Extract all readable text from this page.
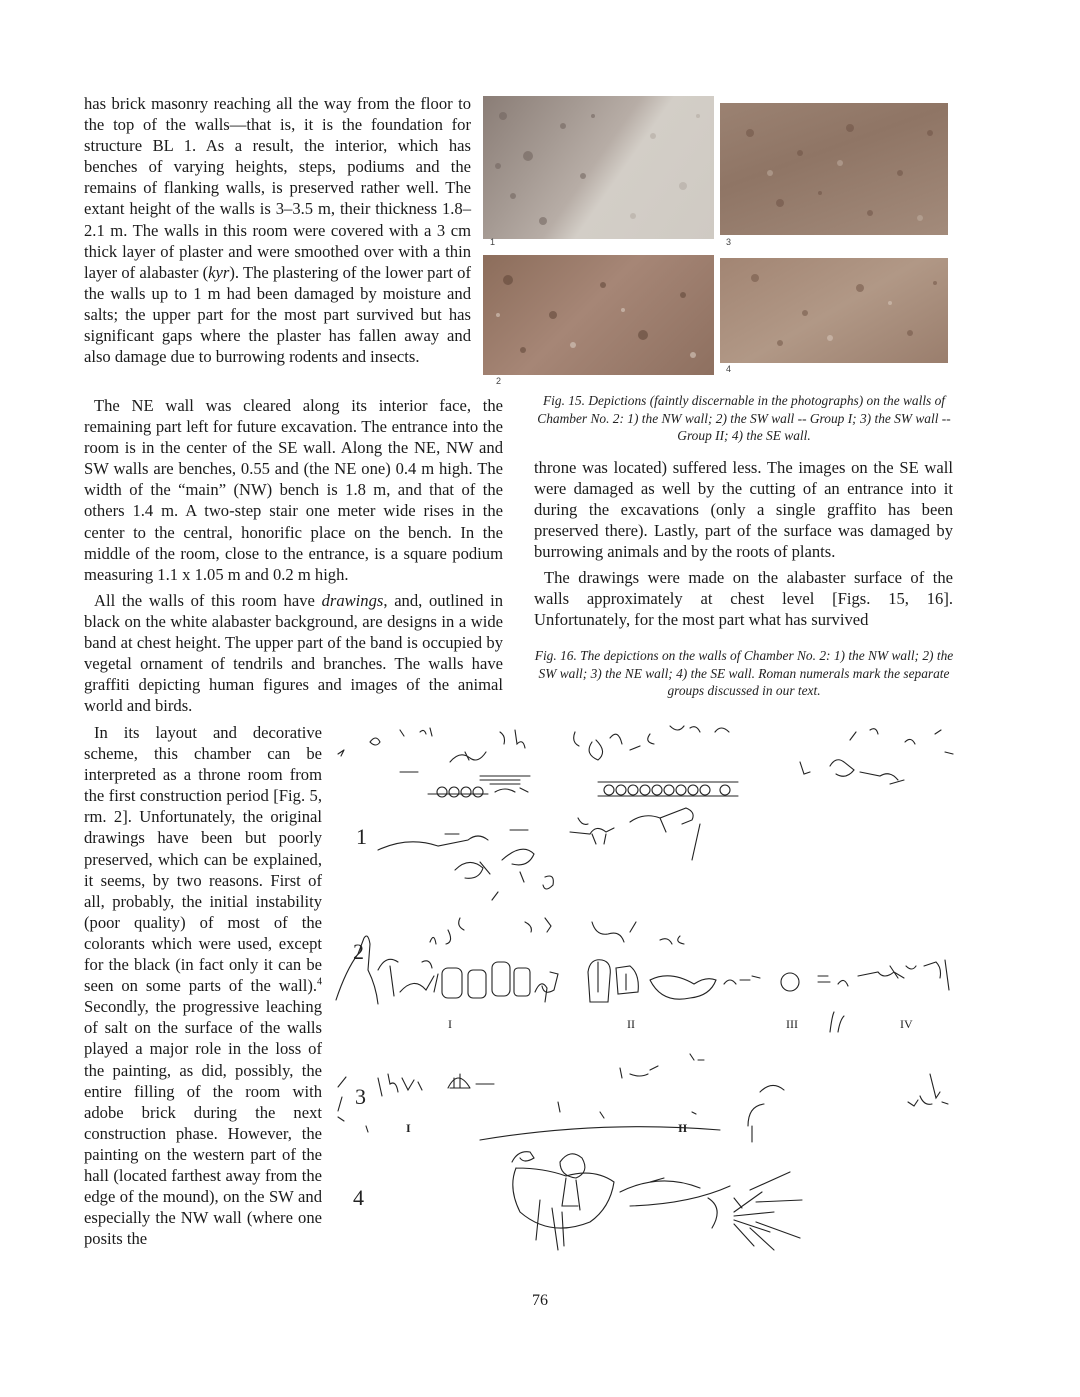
has brick masonry reaching all the way from the floor to the top of the walls—that is, it is the foundation for structure BL 1. As a result, the interior, which has benches of varying heights, steps, podiums and the remains of flanking walls, is preserved rather well. The extant height of the walls is 3–3.5 m, their thickness 1.8–2.1 m. The walls in this room were covered with a 3 cm thick layer of plaster and were smoothed over with a thin layer of alabaster (kyr). The plastering of the lower part of the walls up to 1 m had been damaged by moisture and salts; the upper part for the most part survived but has significant gaps where the plaster has fallen away and also damage due to burrowing rodents and insects.

The NE wall was cleared along its interior face, the remaining part left for future excavation. The entrance into the room is in the center of the SE wall. Along the NE, NW and SW walls are benches, 0.55 and (the NE one) 0.4 m high. The width of the “main” (NW) bench is 1.8 m, and that of the others 1.4 m. A two-step stair one meter wide rises in the center to the central, honorific place on the bench. In the middle of the room, close to the entrance, is a square podium measuring 1.1 x 1.05 m and 0.2 m high.

All the walls of this room have drawings, and, outlined in black on the white alabaster background, are designs in a wide band at chest height. The upper part of the band is occupied by vegetal ornament of tendrils and branches. The walls have graffiti depicting human figures and images of the animal world and birds.

In its layout and decorative scheme, this chamber can be interpreted as a throne room from the first construction period [Fig. 5, rm. 2]. Unfortunately, the original drawings have been but poorly preserved, which can be explained, it seems, by two reasons. First of all, probably, the initial instability (poor quality) of most of the colorants which were used, except for the black (in fact only it can be seen on some parts of the wall).$^4$ Secondly, the progressive leaching of salt on the surface of the walls played a major role in the loss of the painting, as did, possibly, the entire filling of the room with adobe brick during the next construction phase. However, the painting on the western part of the hall (located farthest away from the edge of the mound), on the SW and especially the NW wall (where one posits the

1	3
2
4

Fig. 15. Depictions (faintly discernable in the photographs) on the walls of Chamber No. 2: 1) the NW wall; 2) the SW wall -- Group I; 3) the SW wall -- Group II; 4) the SE wall.

throne was located) suffered less. The images on the SE wall were damaged as well by the cutting of an entrance into it during the excavations (only a single graffito has been preserved there). Lastly, part of the surface was damaged by burrowing animals and by the roots of plants.

The drawings were made on the alabaster surface of the walls approximately at chest level [Figs. 15, 16]. Unfortunately, for the most part what has survived

Fig. 16. The depictions on the walls of Chamber No. 2: 1) the NW wall; 2) the SW wall; 3) the NE wall; 4) the SE wall. Roman numerals mark the separate groups discussed in our text.

1
2
3
4
I	II	III	IV
I	II
76
